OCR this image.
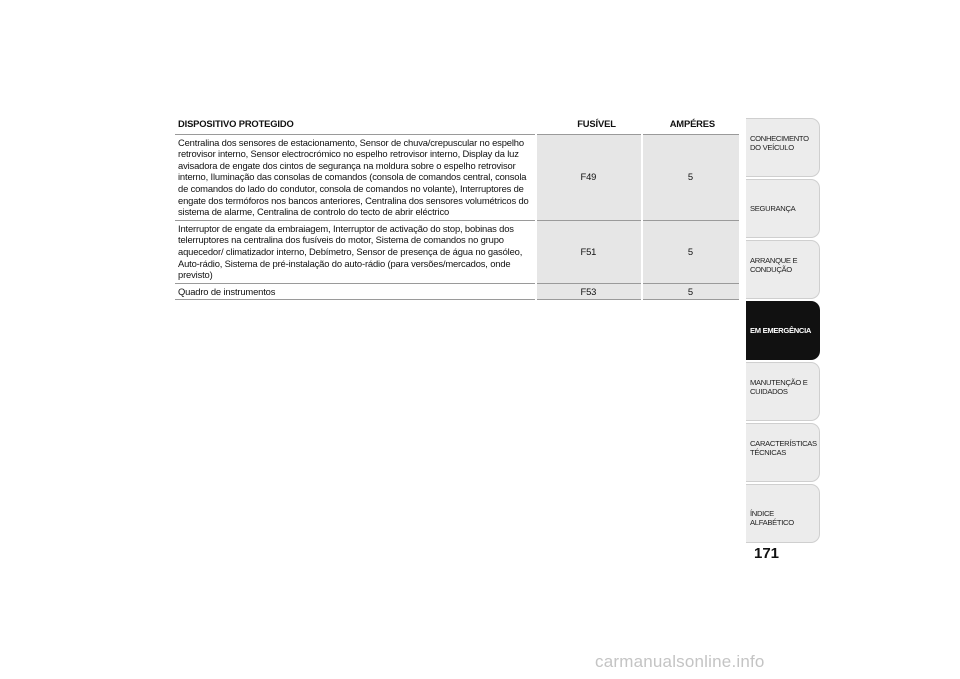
DISPOSITIVO PROTEGIDO	FUSÍVEL	AMPÉRES
Centralina dos sensores de estacionamento, Sensor de chuva/crepuscular no espelho retrovisor interno, Sensor electrocrómico no espelho retrovisor interno, Display da luz avisadora de engate dos cintos de segurança na moldura sobre o espelho retrovisor interno, Iluminação das consolas de comandos (consola de comandos central, consola de comandos do lado do condutor, consola de comandos no volante), Interruptores de engate dos termóforos nos bancos anteriores, Centralina dos sensores volumétricos do sistema de alarme, Centralina de controlo do tecto de abrir eléctrico	F49	5
Interruptor de engate da embraiagem, Interruptor de activação do stop, bobinas dos telerruptores na centralina dos fusíveis do motor, Sistema de comandos no grupo aquecedor/ climatizador interno, Debímetro, Sensor de presença de água no gasóleo, Auto-rádio, Sistema de pré-instalação do auto-rádio (para versões/mercados, onde previsto)	F51	5
Quadro de instrumentos	F53	5
CONHECIMENTO DO VEÍCULO
SEGURANÇA
ARRANQUE E CONDUÇÃO
EM EMERGÊNCIA
MANUTENÇÃO E CUIDADOS
CARACTERÍSTICAS TÉCNICAS
ÍNDICE ALFABÉTICO
171
carmanualsonline.info
